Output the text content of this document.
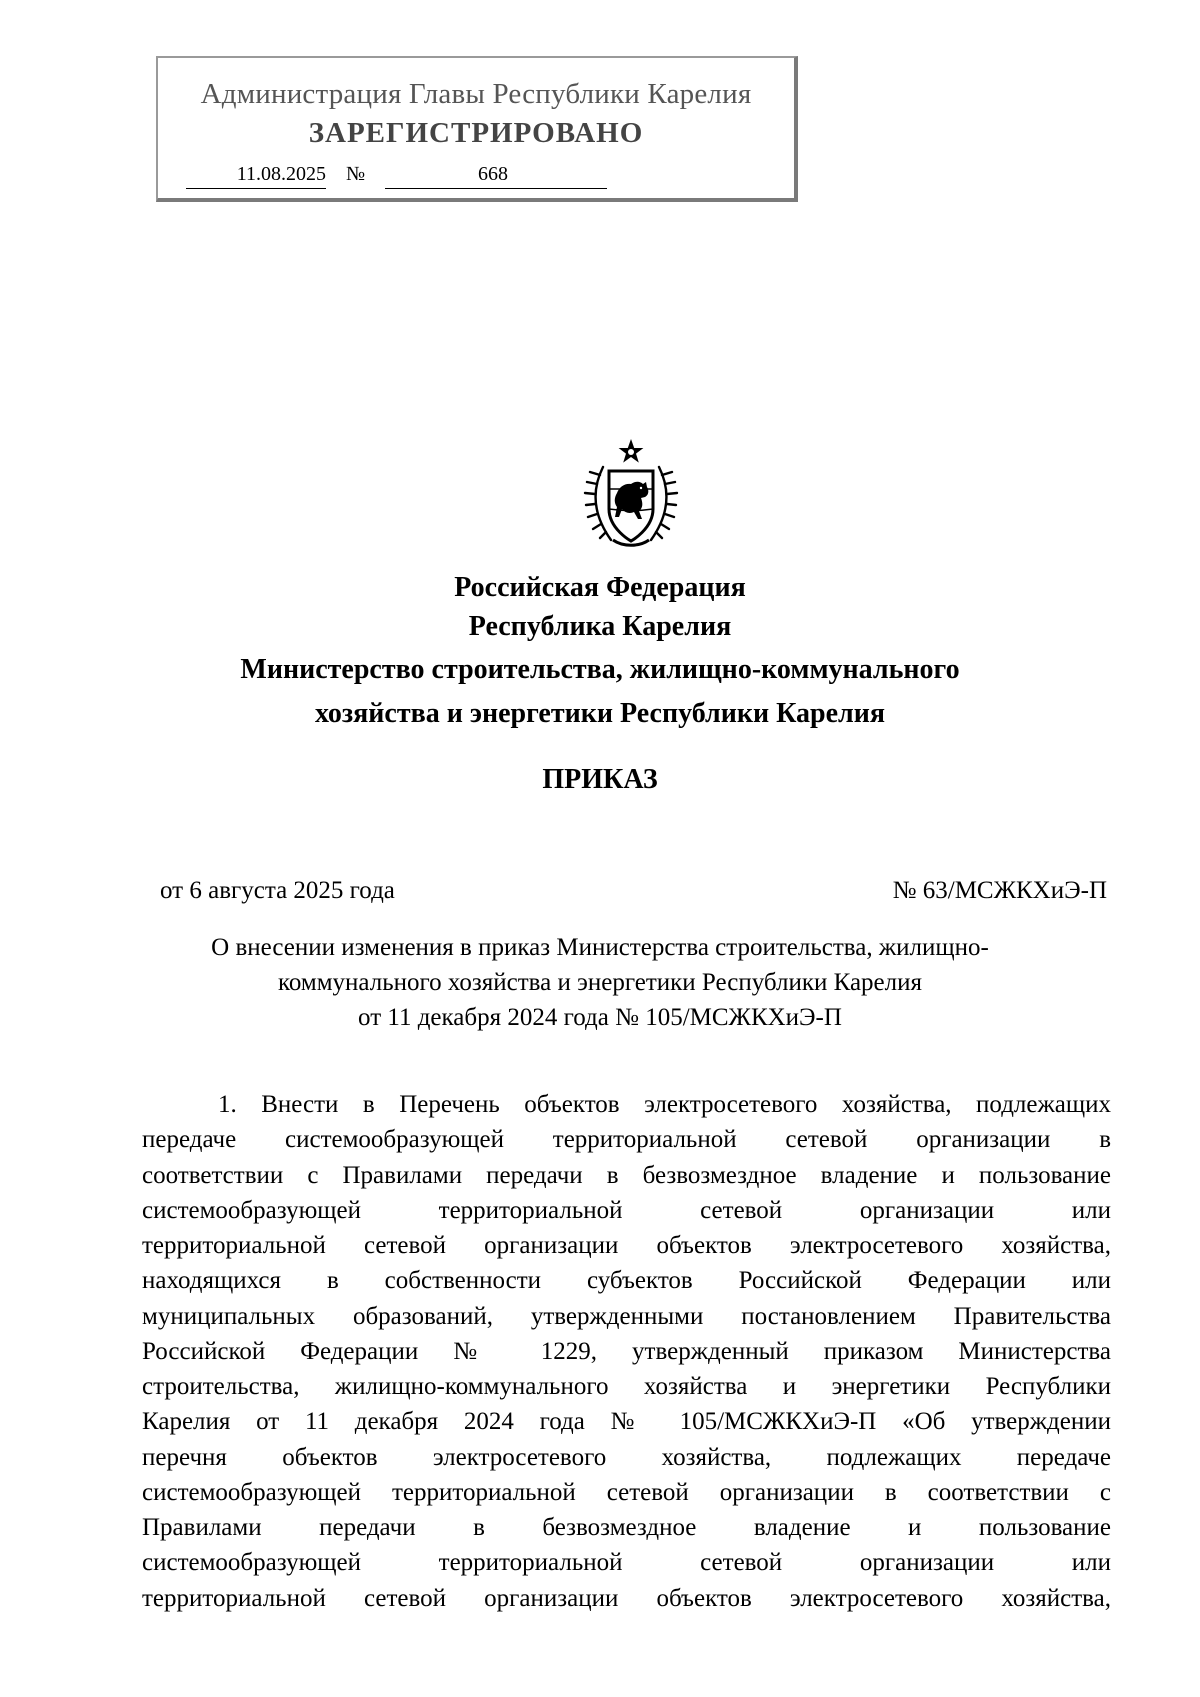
Администрация Главы Республики Карелия
ЗАРЕГИСТРИРОВАНО
11.08.2025 №	668
Российская Федерация
Республика Карелия
Министерство строительства, жилищно-коммунального
хозяйства и энергетики Республики Карелия
ПРИКАЗ
от 6 августа 2025 года	№ 63/МСЖКХиЭ-П
О внесении изменения в приказ Министерства строительства, жилищно-
коммунального хозяйства и энергетики Республики Карелия
от 11 декабря 2024 года № 105/МСЖКХиЭ-П
1. Внести в Перечень объектов электросетевого хозяйства, подлежащих
передаче системообразующей территориальной сетевой организации в
соответствии с Правилами передачи в безвозмездное владение и пользование
системообразующей территориальной сетевой организации или
территориальной сетевой организации объектов электросетевого хозяйства,
находящихся в собственности субъектов Российской Федерации или
муниципальных образований, утвержденными постановлением Правительства
Российской Федерации № 1229, утвержденный приказом Министерства
строительства, жилищно-коммунального хозяйства и энергетики Республики
Карелия от 11 декабря 2024 года № 105/МСЖКХиЭ-П «Об утверждении
перечня объектов электросетевого хозяйства, подлежащих передаче
системообразующей территориальной сетевой организации в соответствии с
Правилами передачи в безвозмездное владение и пользование
системообразующей территориальной сетевой организации или
территориальной сетевой организации объектов электросетевого хозяйства,
